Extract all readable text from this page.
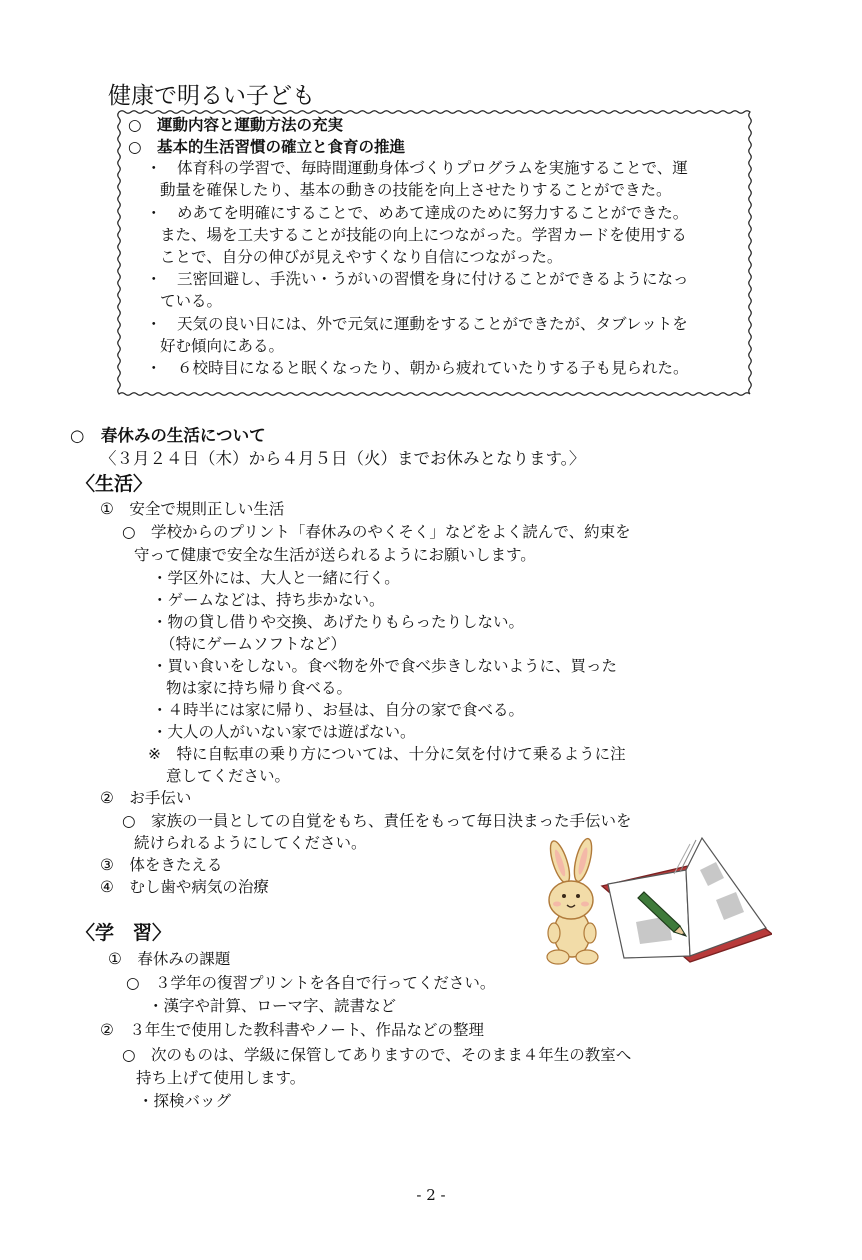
健康で明るい子ども
○　運動内容と運動方法の充実
○　基本的生活習慣の確立と食育の推進
・　体育科の学習で、毎時間運動身体づくりプログラムを実施することで、運
動量を確保したり、基本の動きの技能を向上させたりすることができた。
・　めあてを明確にすることで、めあて達成のために努力することができた。
また、場を工夫することが技能の向上につながった。学習カードを使用する
ことで、自分の伸びが見えやすくなり自信につながった。
・　三密回避し、手洗い・うがいの習慣を身に付けることができるようになっ
ている。
・　天気の良い日には、外で元気に運動をすることができたが、タブレットを
好む傾向にある。
・　６校時目になると眠くなったり、朝から疲れていたりする子も見られた。
○　春休みの生活について
〈３月２４日（木）から４月５日（火）までお休みとなります。〉
〈生活〉
①　安全で規則正しい生活
○　学校からのプリント「春休みのやくそく」などをよく読んで、約束を
守って健康で安全な生活が送られるようにお願いします。
・学区外には、大人と一緒に行く。
・ゲームなどは、持ち歩かない。
・物の貸し借りや交換、あげたりもらったりしない。
（特にゲームソフトなど）
・買い食いをしない。食べ物を外で食べ歩きしないように、買った
物は家に持ち帰り食べる。
・４時半には家に帰り、お昼は、自分の家で食べる。
・大人の人がいない家では遊ばない。
※　特に自転車の乗り方については、十分に気を付けて乗るように注
意してください。
②　お手伝い
○　家族の一員としての自覚をもち、責任をもって毎日決まった手伝いを
続けられるようにしてください。
③　体をきたえる
④　むし歯や病気の治療
〈学　習〉
①　春休みの課題
○　３学年の復習プリントを各自で行ってください。
・漢字や計算、ローマ字、読書など
②　３年生で使用した教科書やノート、作品などの整理
○　次のものは、学級に保管してありますので、そのまま４年生の教室へ
持ち上げて使用します。
・探検バッグ
- 2 -
